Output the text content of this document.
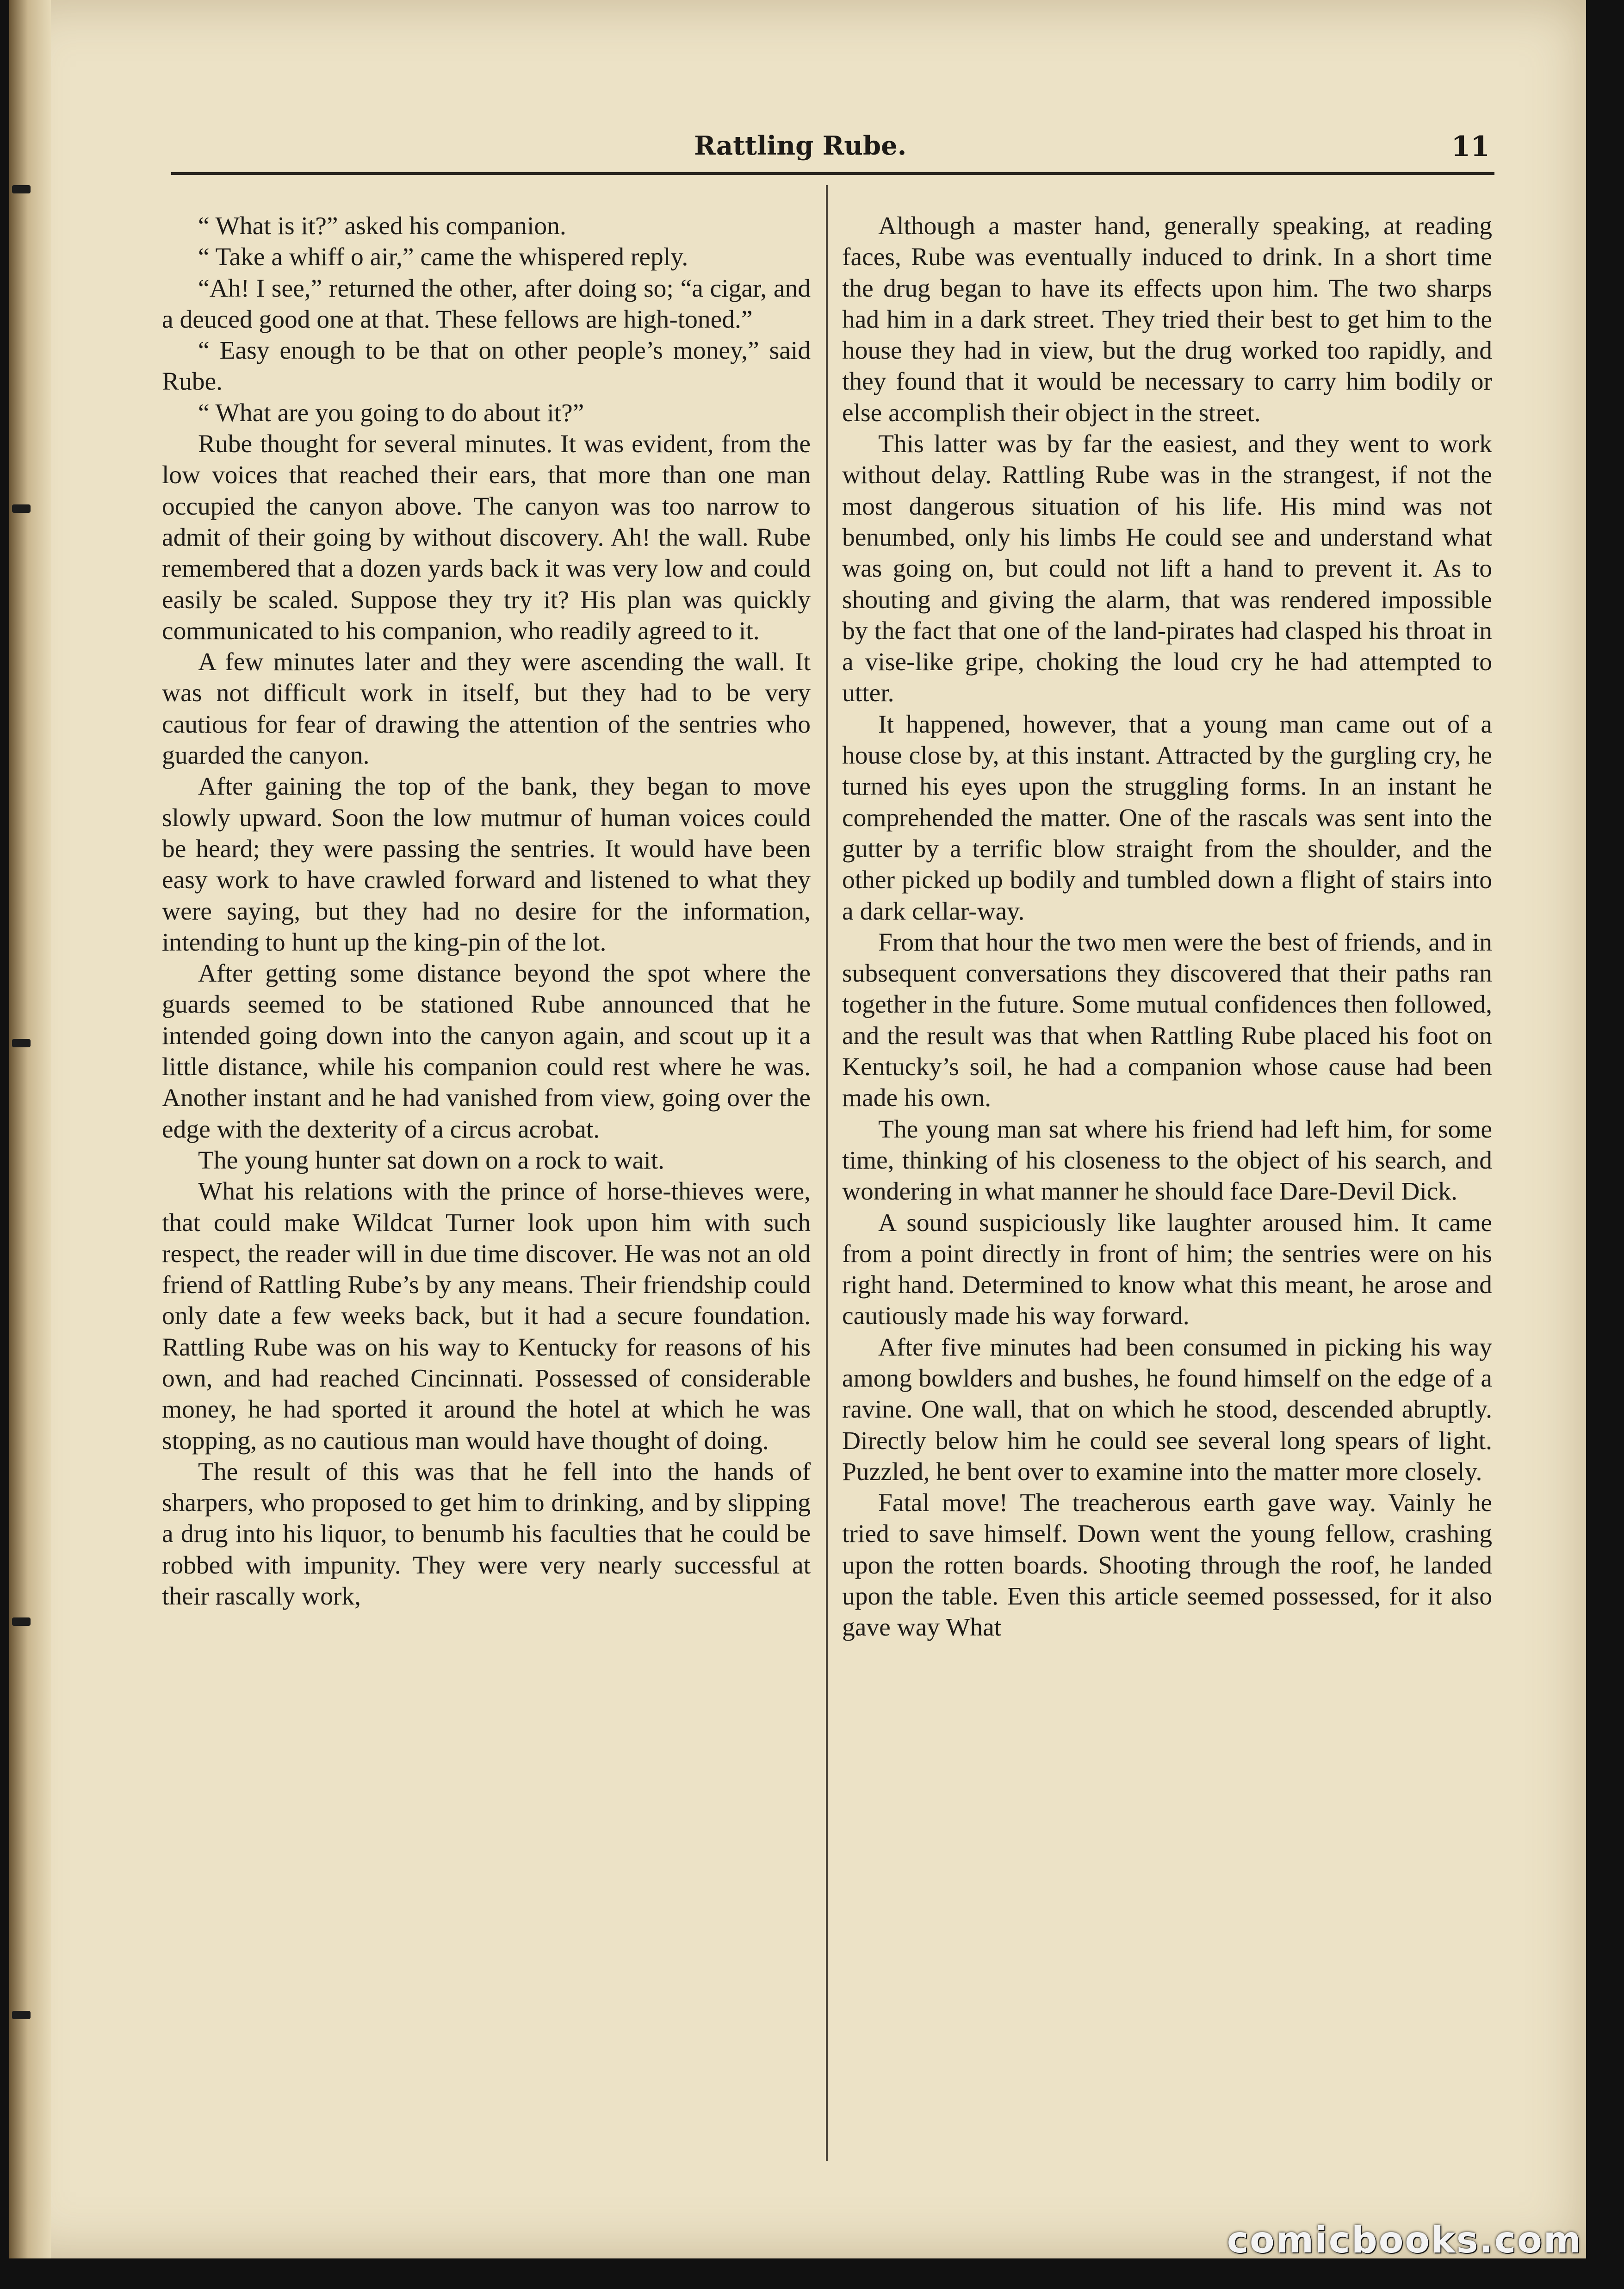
Rattling Rube.	11

“ What is it?” asked his companion.

“ Take a whiff o air,” came the whispered reply.

“Ah! I see,” returned the other, after doing so; “a cigar, and a deuced good one at that. These fellows are high-toned.”

“ Easy enough to be that on other people’s money,” said Rube.

“ What are you going to do about it?”

Rube thought for several minutes. It was evident, from the low voices that reached their ears, that more than one man occupied the canyon above. The canyon was too narrow to admit of their going by without discovery. Ah! the wall. Rube remembered that a dozen yards back it was very low and could easily be scaled. Suppose they try it? His plan was quickly communicated to his companion, who readily agreed to it.

A few minutes later and they were ascending the wall. It was not difficult work in itself, but they had to be very cautious for fear of drawing the attention of the sentries who guarded the canyon.

After gaining the top of the bank, they began to move slowly upward. Soon the low mutmur of human voices could be heard; they were passing the sentries. It would have been easy work to have crawled forward and listened to what they were saying, but they had no desire for the information, intending to hunt up the king-pin of the lot.

After getting some distance beyond the spot where the guards seemed to be stationed Rube announced that he intended going down into the canyon again, and scout up it a little distance, while his companion could rest where he was. Another instant and he had vanished from view, going over the edge with the dexterity of a circus acrobat.

The young hunter sat down on a rock to wait.

What his relations with the prince of horse-thieves were, that could make Wildcat Turner look upon him with such respect, the reader will in due time discover. He was not an old friend of Rattling Rube’s by any means. Their friendship could only date a few weeks back, but it had a secure foundation. Rattling Rube was on his way to Kentucky for reasons of his own, and had reached Cincinnati. Possessed of considerable money, he had sported it around the hotel at which he was stopping, as no cautious man would have thought of doing.

The result of this was that he fell into the hands of sharpers, who proposed to get him to drinking, and by slipping a drug into his liquor, to benumb his faculties that he could be robbed with impunity. They were very nearly successful at their rascally work,

Although a master hand, generally speaking, at reading faces, Rube was eventually induced to drink. In a short time the drug began to have its effects upon him. The two sharps had him in a dark street. They tried their best to get him to the house they had in view, but the drug worked too rapidly, and they found that it would be necessary to carry him bodily or else accomplish their object in the street.

This latter was by far the easiest, and they went to work without delay. Rattling Rube was in the strangest, if not the most dangerous situation of his life. His mind was not benumbed, only his limbs He could see and understand what was going on, but could not lift a hand to prevent it. As to shouting and giving the alarm, that was rendered impossible by the fact that one of the land-pirates had clasped his throat in a vise-like gripe, choking the loud cry he had attempted to utter.

It happened, however, that a young man came out of a house close by, at this instant. Attracted by the gurgling cry, he turned his eyes upon the struggling forms. In an instant he comprehended the matter. One of the rascals was sent into the gutter by a terrific blow straight from the shoulder, and the other picked up bodily and tumbled down a flight of stairs into a dark cellar-way.

From that hour the two men were the best of friends, and in subsequent conversations they discovered that their paths ran together in the future. Some mutual confidences then followed, and the result was that when Rattling Rube placed his foot on Kentucky’s soil, he had a companion whose cause had been made his own.

The young man sat where his friend had left him, for some time, thinking of his closeness to the object of his search, and wondering in what manner he should face Dare-Devil Dick.

A sound suspiciously like laughter aroused him. It came from a point directly in front of him; the sentries were on his right hand. Determined to know what this meant, he arose and cautiously made his way forward.

After five minutes had been consumed in picking his way among bowlders and bushes, he found himself on the edge of a ravine. One wall, that on which he stood, descended abruptly. Directly below him he could see several long spears of light. Puzzled, he bent over to examine into the matter more closely.

Fatal move! The treacherous earth gave way. Vainly he tried to save himself. Down went the young fellow, crashing upon the rotten boards. Shooting through the roof, he landed upon the table. Even this article seemed possessed, for it also gave way What

comicbooks.com
